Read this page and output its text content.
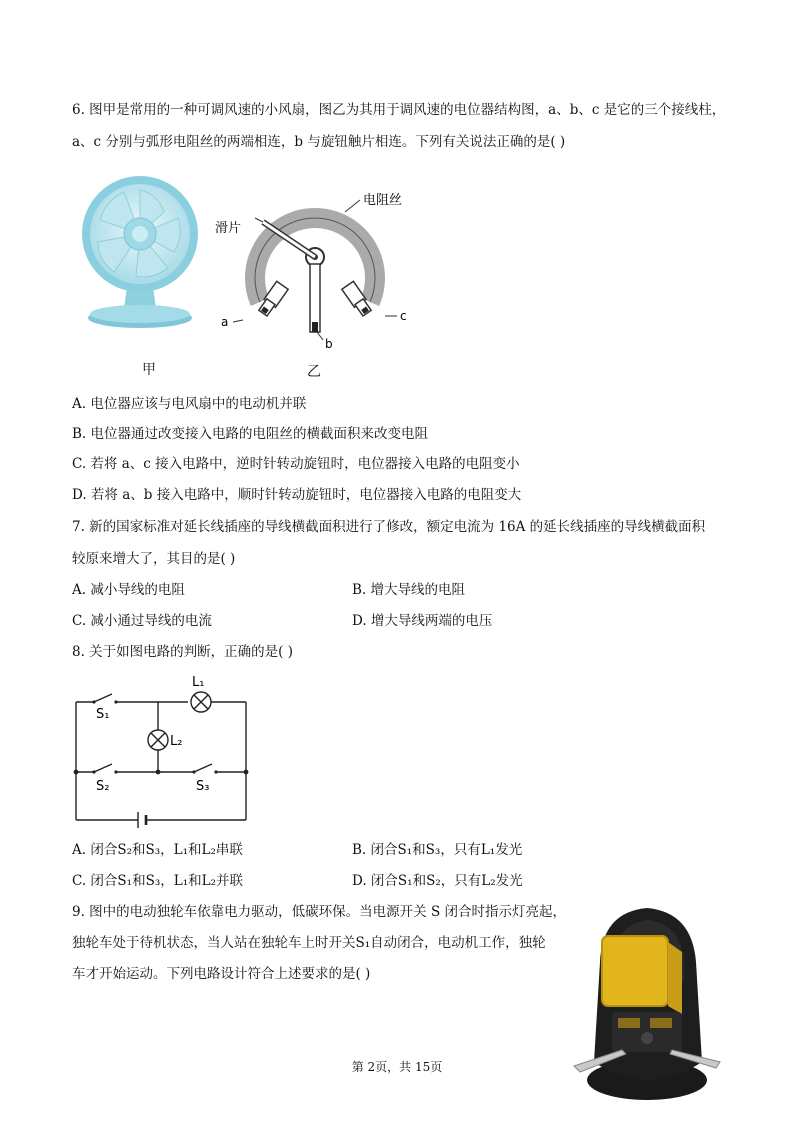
6. 图甲是常用的一种可调风速的小风扇，图乙为其用于调风速的电位器结构图，a、b、c 是它的三个接线柱，
a、c 分别与弧形电阻丝的两端相连，b 与旋钮触片相连。下列有关说法正确的是( )
电阻丝
滑片
a
b
c
甲	乙
A. 电位器应该与电风扇中的电动机并联
B. 电位器通过改变接入电路的电阻丝的横截面积来改变电阻
C. 若将 a、c 接入电路中，逆时针转动旋钮时，电位器接入电路的电阻变小
D. 若将 a、b 接入电路中，顺时针转动旋钮时，电位器接入电路的电阻变大
7. 新的国家标准对延长线插座的导线横截面积进行了修改，额定电流为 16A 的延长线插座的导线横截面积
较原来增大了，其目的是( )
A. 减小导线的电阻	B. 增大导线的电阻
C. 减小通过导线的电流	D. 增大导线两端的电压
8. 关于如图电路的判断，正确的是( )
L₁
L₂
S₁
S₂	S₃
A. 闭合S₂和S₃，L₁和L₂串联	B. 闭合S₁和S₃，只有L₁发光
C. 闭合S₁和S₃，L₁和L₂并联	D. 闭合S₁和S₂，只有L₂发光
9. 图中的电动独轮车依靠电力驱动，低碳环保。当电源开关 S 闭合时指示灯亮起，
独轮车处于待机状态，当人站在独轮车上时开关S₁自动闭合，电动机工作，独轮
车才开始运动。下列电路设计符合上述要求的是( )
第 2页，共 15页
